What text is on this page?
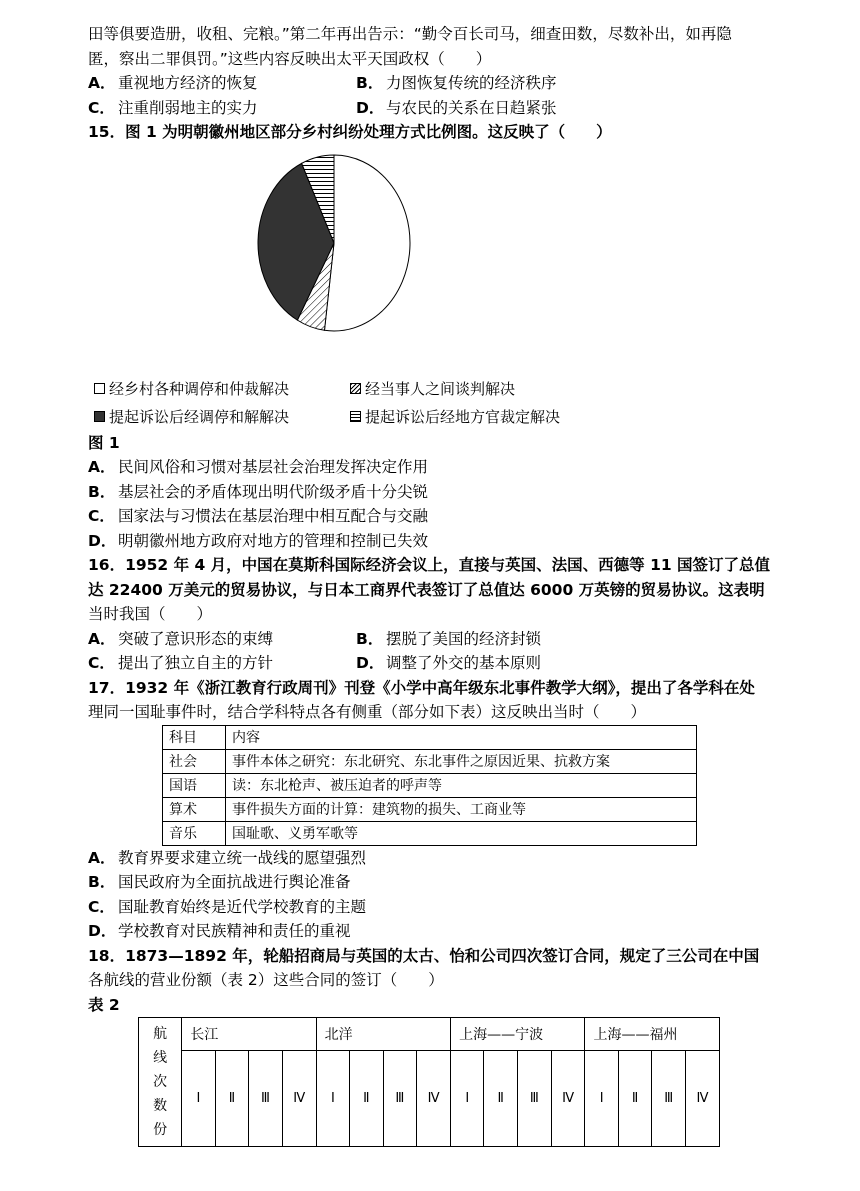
田等俱要造册，收租、完粮。”第二年再出告示：“勤令百长司马，细查田数，尽数补出，如再隐
匿，察出二罪俱罚。”这些内容反映出太平天国政权（　　）
A． 重视地方经济的恢复	B． 力图恢复传统的经济秩序
C． 注重削弱地主的实力	D． 与农民的关系在日趋紧张
15．图 1 为明朝徽州地区部分乡村纠纷处理方式比例图。这反映了（　　）
经乡村各种调停和仲裁解决	经当事人之间谈判解决
提起诉讼后经调停和解解决	提起诉讼后经地方官裁定解决
图 1
A． 民间风俗和习惯对基层社会治理发挥决定作用
B． 基层社会的矛盾体现出明代阶级矛盾十分尖锐
C． 国家法与习惯法在基层治理中相互配合与交融
D． 明朝徽州地方政府对地方的管理和控制已失效
16．1952 年 4 月，中国在莫斯科国际经济会议上，直接与英国、法国、西德等 11 国签订了总值
达 22400 万美元的贸易协议，与日本工商界代表签订了总值达 6000 万英镑的贸易协议。这表明
当时我国（　　）
A． 突破了意识形态的束缚	B． 摆脱了美国的经济封锁
C． 提出了独立自主的方针	D． 调整了外交的基本原则
17．1932 年《浙江教育行政周刊》刊登《小学中高年级东北事件教学大纲》，提出了各学科在处
理同一国耻事件时，结合学科特点各有侧重（部分如下表）这反映出当时（　　）
科目	内容
社会	事件本体之研究：东北研究、东北事件之原因近果、抗救方案
国语	读：东北枪声、被压迫者的呼声等
算术	事件损失方面的计算：建筑物的损失、工商业等
音乐	国耻歌、义勇军歌等
A． 教育界要求建立统一战线的愿望强烈
B． 国民政府为全面抗战进行舆论准备
C． 国耻教育始终是近代学校教育的主题
D． 学校教育对民族精神和责任的重视
18．1873—1892 年，轮船招商局与英国的太古、怡和公司四次签订合同，规定了三公司在中国
各航线的营业份额（表 2）这些合同的签订（　　）
表 2
航
线
次
数
份	长江				北洋				上海——宁波				上海——福州			
	Ⅰ	Ⅱ	Ⅲ	Ⅳ	Ⅰ	Ⅱ	Ⅲ	Ⅳ	Ⅰ	Ⅱ	Ⅲ	Ⅳ	Ⅰ	Ⅱ	Ⅲ	Ⅳ
